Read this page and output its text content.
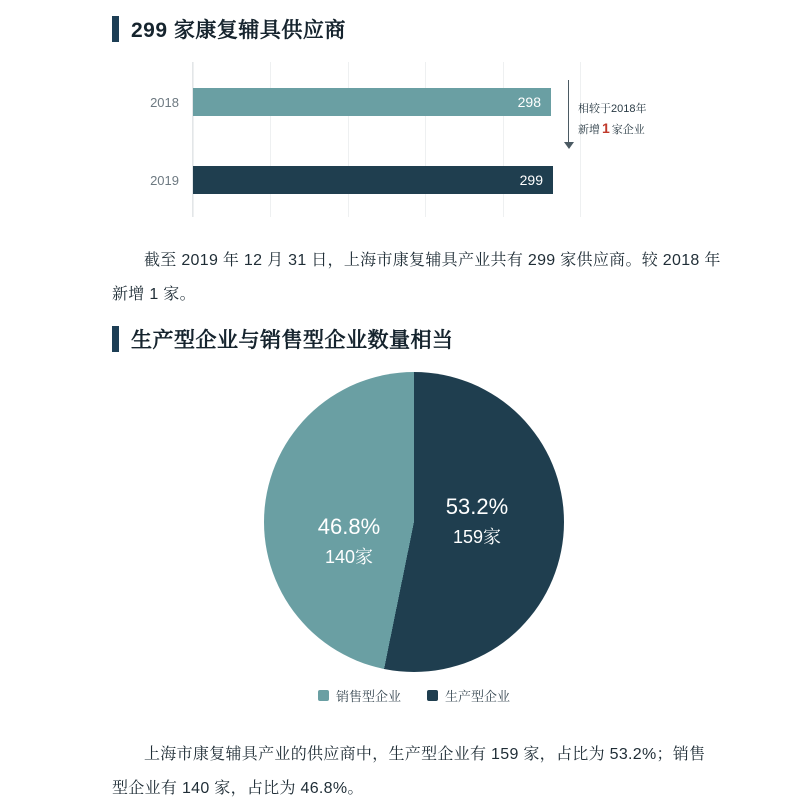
299 家康复辅具供应商
2018	298
2019	299
相较于2018年
新增 1 家企业

截至 2019 年 12 月 31 日，上海市康复辅具产业共有 299 家供应商。较 2018 年新增 1 家。

生产型企业与销售型企业数量相当
53.2%
159家
46.8%
140家
销售型企业	生产型企业

上海市康复辅具产业的供应商中，生产型企业有 159 家，占比为 53.2%；销售型企业有 140 家，占比为 46.8%。
